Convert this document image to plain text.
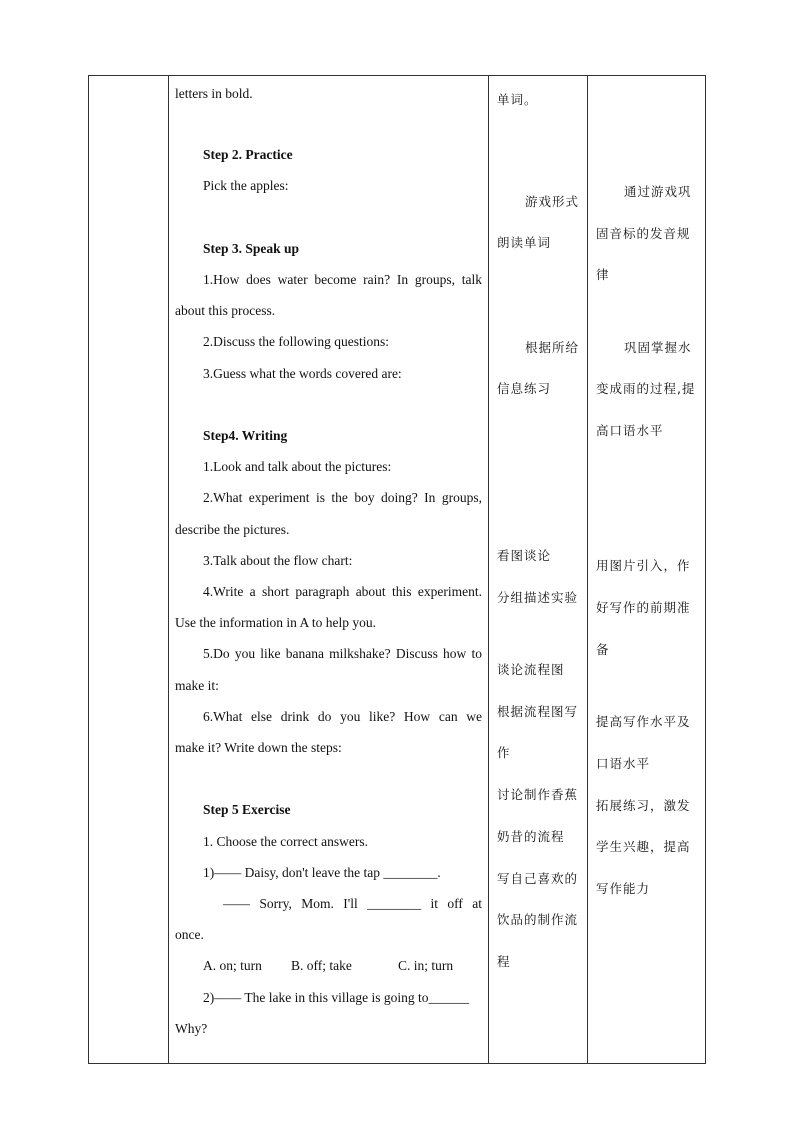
letters in bold.
Step 2. Practice
Pick the apples:
Step 3. Speak up
1.How does water become rain? In groups, talk
about this process.
2.Discuss the following questions:
3.Guess what the words covered are:
Step4. Writing
1.Look and talk about the pictures:
2.What experiment is the boy doing? In groups,
describe the pictures.
3.Talk about the flow chart:
4.Write a short paragraph about this experiment.
Use the information in A to help you.
5.Do you like banana milkshake? Discuss how to
make it:
6.What else drink do you like? How can we
make it? Write down the steps:
Step 5 Exercise
1. Choose the correct answers.
1)—— Daisy, don't leave the tap ________.
—— Sorry, Mom. I'll ________ it off at
once.
A. on; turn B. off; take	C. in; turn
2)—— The lake in this village is going to______
Why?
单词。
游戏形式
朗读单词
根据所给
信息练习
看图谈论
分组描述实验
谈论流程图
根据流程图写
作
讨论制作香蕉
奶昔的流程
写自己喜欢的
饮品的制作流
程
通过游戏巩
固音标的发音规
律
巩固掌握水
变成雨的过程,提
高口语水平
用图片引入，作
好写作的前期准
备
提高写作水平及
口语水平
拓展练习，激发
学生兴趣，提高
写作能力
